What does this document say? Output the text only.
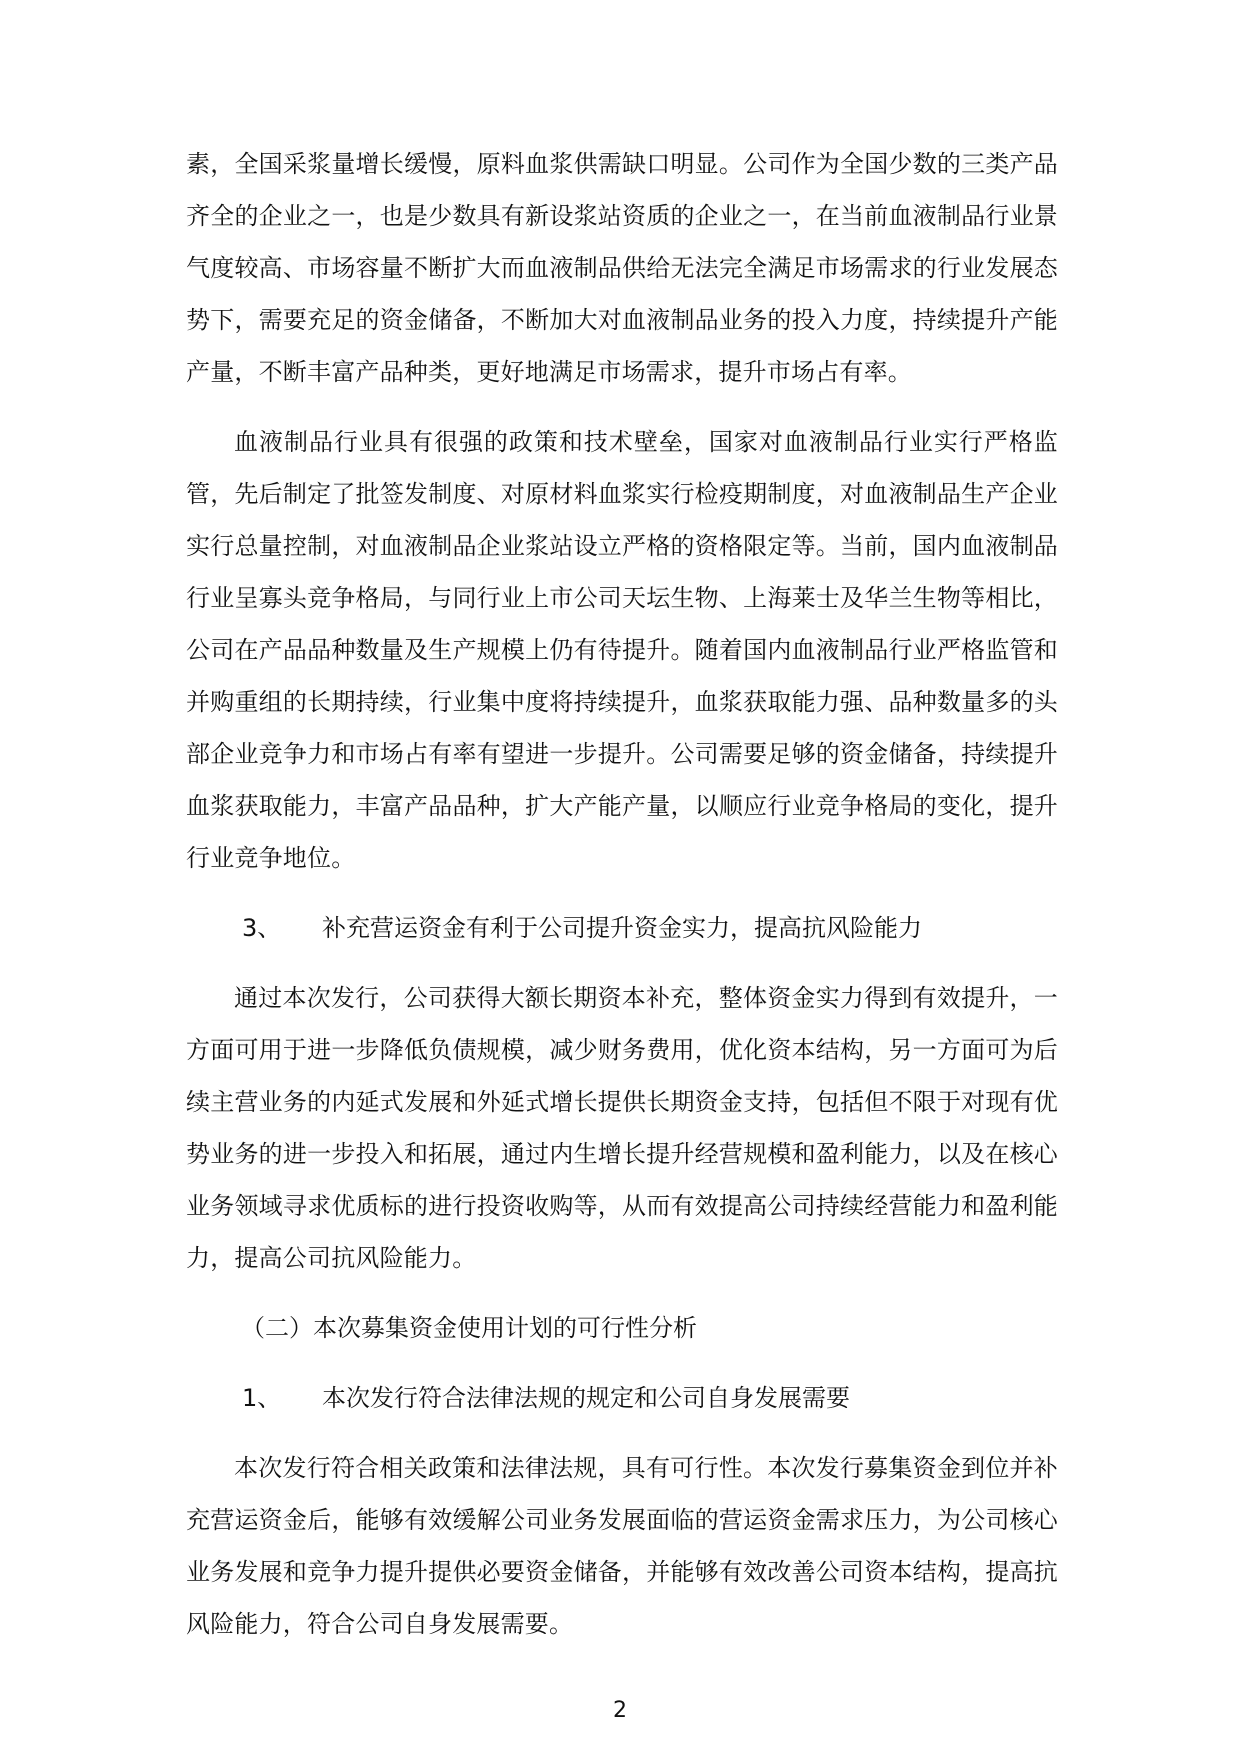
素，全国采浆量增长缓慢，原料血浆供需缺口明显。公司作为全国少数的三类产品齐全的企业之一，也是少数具有新设浆站资质的企业之一，在当前血液制品行业景气度较高、市场容量不断扩大而血液制品供给无法完全满足市场需求的行业发展态势下，需要充足的资金储备，不断加大对血液制品业务的投入力度，持续提升产能产量，不断丰富产品种类，更好地满足市场需求，提升市场占有率。

血液制品行业具有很强的政策和技术壁垒，国家对血液制品行业实行严格监管，先后制定了批签发制度、对原材料血浆实行检疫期制度，对血液制品生产企业实行总量控制，对血液制品企业浆站设立严格的资格限定等。当前，国内血液制品行业呈寡头竞争格局，与同行业上市公司天坛生物、上海莱士及华兰生物等相比，公司在产品品种数量及生产规模上仍有待提升。随着国内血液制品行业严格监管和并购重组的长期持续，行业集中度将持续提升，血浆获取能力强、品种数量多的头部企业竞争力和市场占有率有望进一步提升。公司需要足够的资金储备，持续提升血浆获取能力，丰富产品品种，扩大产能产量，以顺应行业竞争格局的变化，提升行业竞争地位。

3、	补充营运资金有利于公司提升资金实力，提高抗风险能力

通过本次发行，公司获得大额长期资本补充，整体资金实力得到有效提升，一方面可用于进一步降低负债规模，减少财务费用，优化资本结构，另一方面可为后续主营业务的内延式发展和外延式增长提供长期资金支持，包括但不限于对现有优势业务的进一步投入和拓展，通过内生增长提升经营规模和盈利能力，以及在核心业务领域寻求优质标的进行投资收购等，从而有效提高公司持续经营能力和盈利能力，提高公司抗风险能力。

（二）本次募集资金使用计划的可行性分析
1、	本次发行符合法律法规的规定和公司自身发展需要

本次发行符合相关政策和法律法规，具有可行性。本次发行募集资金到位并补充营运资金后，能够有效缓解公司业务发展面临的营运资金需求压力，为公司核心业务发展和竞争力提升提供必要资金储备，并能够有效改善公司资本结构，提高抗风险能力，符合公司自身发展需要。

2
